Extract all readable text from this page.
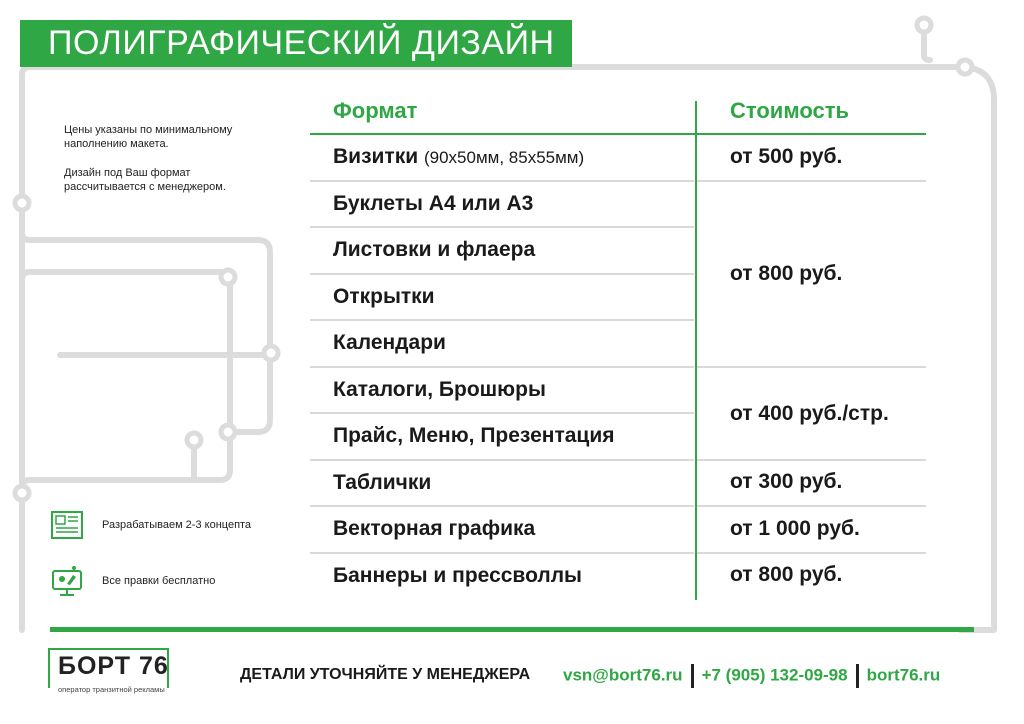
ПОЛИГРАФИЧЕСКИЙ ДИЗАЙН
Цены указаны по минимальному наполнению макета.
Дизайн под Ваш формат рассчитывается с менеджером.
Разрабатываем 2-3 концепта
Все правки бесплатно
Формат	Стоимость
Визитки (90х50мм, 85х55мм)
Буклеты А4 или А3
Листовки и флаера
Открытки
Календари
Каталоги, Брошюры
Прайс, Меню, Презентация
Таблички
Векторная графика
Баннеры и прессволлы
от 500 руб.
от 800 руб.
от 400 руб./стр.
от 300 руб.
от 1 000 руб.
от 800 руб.
БОРТ 76
оператор транзитной рекламы
ДЕТАЛИ УТОЧНЯЙТЕ У МЕНЕДЖЕРА vsn@bort76.ru +7 (905) 132-09-98 bort76.ru
